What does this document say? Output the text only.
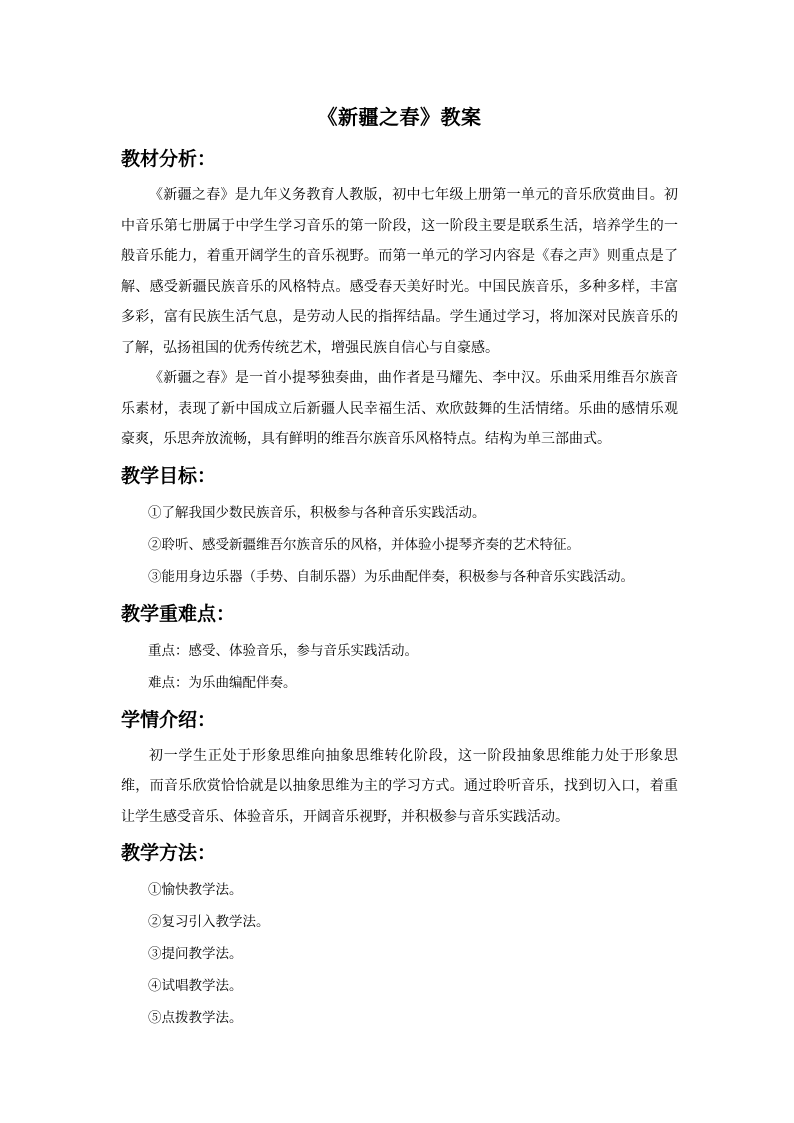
《新疆之春》教案
教材分析：

《新疆之春》是九年义务教育人教版，初中七年级上册第一单元的音乐欣赏曲目。初中音乐第七册属于中学生学习音乐的第一阶段，这一阶段主要是联系生活，培养学生的一般音乐能力，着重开阔学生的音乐视野。而第一单元的学习内容是《春之声》则重点是了解、感受新疆民族音乐的风格特点。感受春天美好时光。中国民族音乐，多种多样，丰富多彩，富有民族生活气息，是劳动人民的指挥结晶。学生通过学习，将加深对民族音乐的了解，弘扬祖国的优秀传统艺术，增强民族自信心与自豪感。

《新疆之春》是一首小提琴独奏曲，曲作者是马耀先、李中汉。乐曲采用维吾尔族音乐素材，表现了新中国成立后新疆人民幸福生活、欢欣鼓舞的生活情绪。乐曲的感情乐观豪爽，乐思奔放流畅，具有鲜明的维吾尔族音乐风格特点。结构为单三部曲式。

教学目标：

①了解我国少数民族音乐，积极参与各种音乐实践活动。

②聆听、感受新疆维吾尔族音乐的风格，并体验小提琴齐奏的艺术特征。

③能用身边乐器（手势、自制乐器）为乐曲配伴奏，积极参与各种音乐实践活动。

教学重难点：

重点：感受、体验音乐，参与音乐实践活动。

难点：为乐曲编配伴奏。

学情介绍：

初一学生正处于形象思维向抽象思维转化阶段，这一阶段抽象思维能力处于形象思维，而音乐欣赏恰恰就是以抽象思维为主的学习方式。通过聆听音乐，找到切入口，着重让学生感受音乐、体验音乐，开阔音乐视野，并积极参与音乐实践活动。

教学方法：

①愉快教学法。

②复习引入教学法。

③提问教学法。

④试唱教学法。

⑤点拨教学法。
